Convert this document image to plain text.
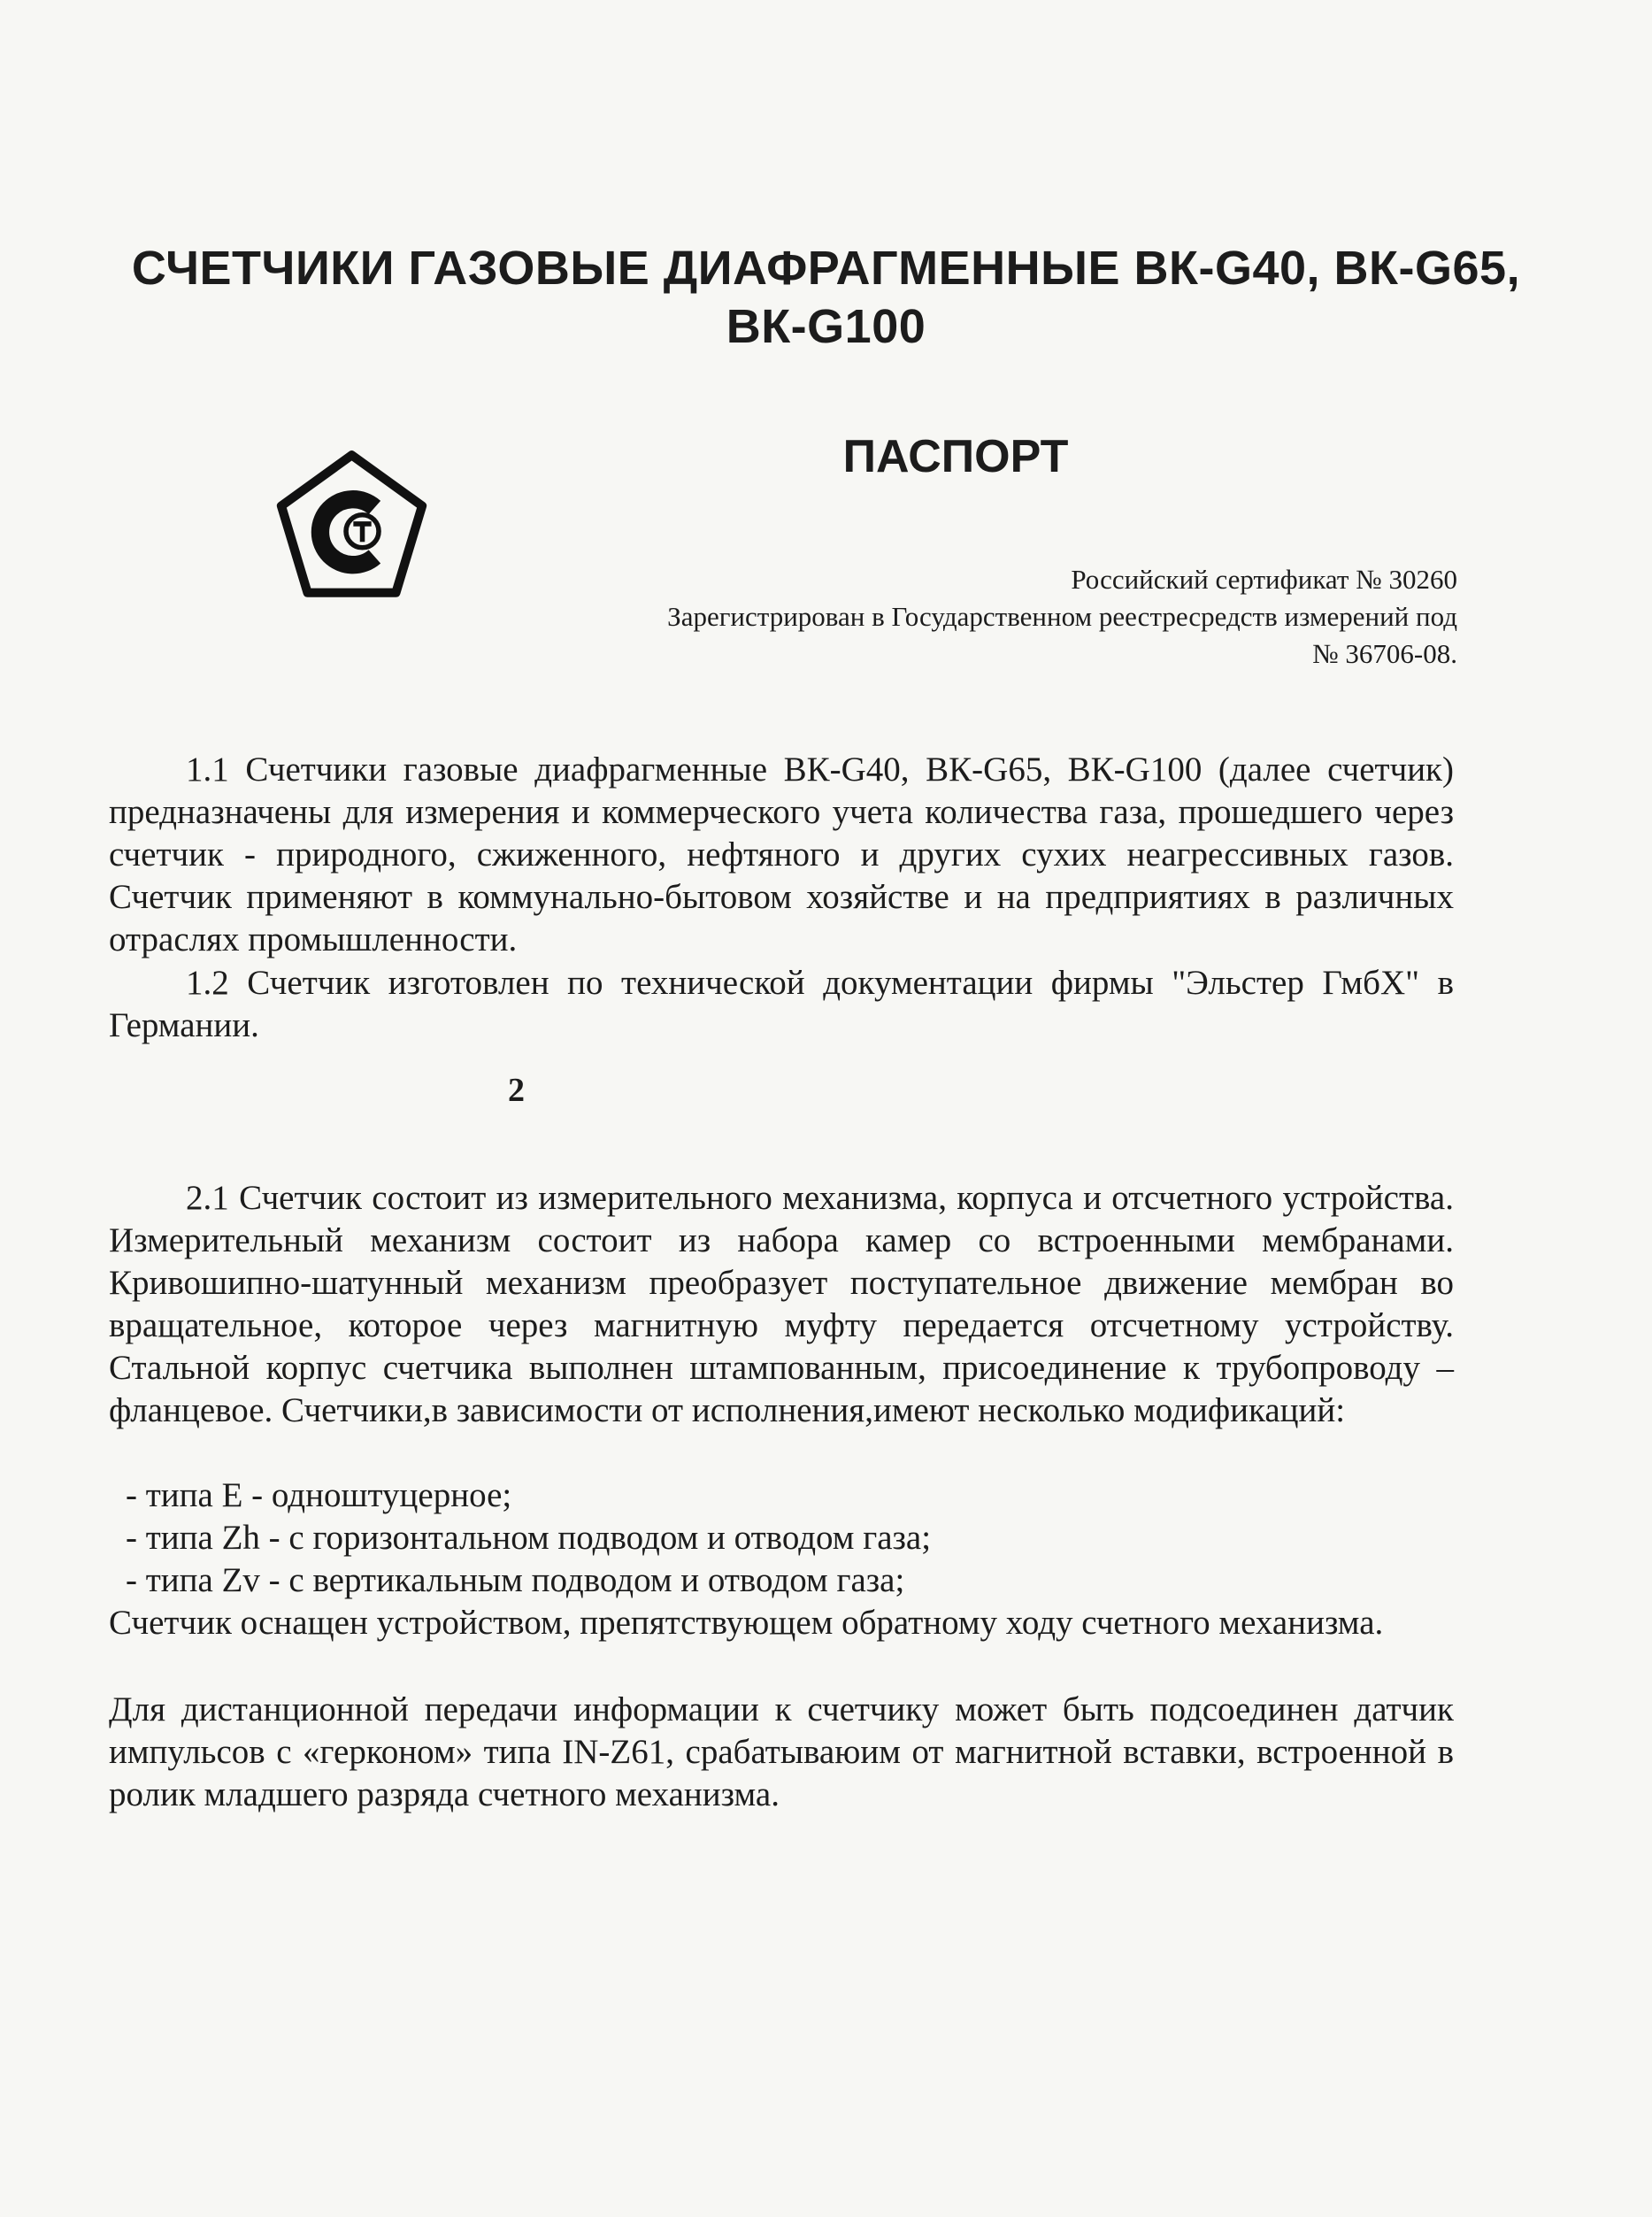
СЧЕТЧИКИ ГАЗОВЫЕ ДИАФРАГМЕННЫЕ ВК-G40, ВК-G65,
ВК-G100
ПАСПОРТ

Российский сертификат № 30260

Зарегистрирован в Государственном реестресредств измерений под

№ 36706-08.

1.1 Счетчики газовые диафрагменные ВК-G40, ВК-G65, ВК-G100 (далее счетчик) предназначены для измерения и коммерческого учета количества газа, прошедшего через счетчик - природного, сжиженного, нефтяного и других сухих неагрессивных газов. Счетчик применяют в коммунально-бытовом хозяйстве и на предприятиях в различных отраслях промышленности.

1.2 Счетчик изготовлен по технической документации фирмы "Эльстер ГмбХ" в Германии.

2

2.1 Счетчик состоит из измерительного механизма, корпуса и отсчетного устройства. Измерительный механизм состоит из набора камер со встроенными мембранами. Кривошипно-шатунный механизм преобразует поступательное движение мембран во вращательное, которое через магнитную муфту передается отсчетному устройству. Стальной корпус счетчика выполнен штампованным, присоединение к трубопроводу – фланцевое. Счетчики,в зависимости от исполнения,имеют несколько модификаций:

- типа Е - одноштуцерное;
- типа Zh - с горизонтальном подводом и отводом газа;
- типа Zv - с вертикальным подводом и отводом газа;

Счетчик оснащен устройством, препятствующем обратному ходу счетного механизма.

Для дистанционной передачи информации к счетчику может быть подсоединен датчик импульсов с «герконом» типа IN-Z61, срабатываюим от магнитной вставки, встроенной в ролик младшего разряда счетного механизма.
